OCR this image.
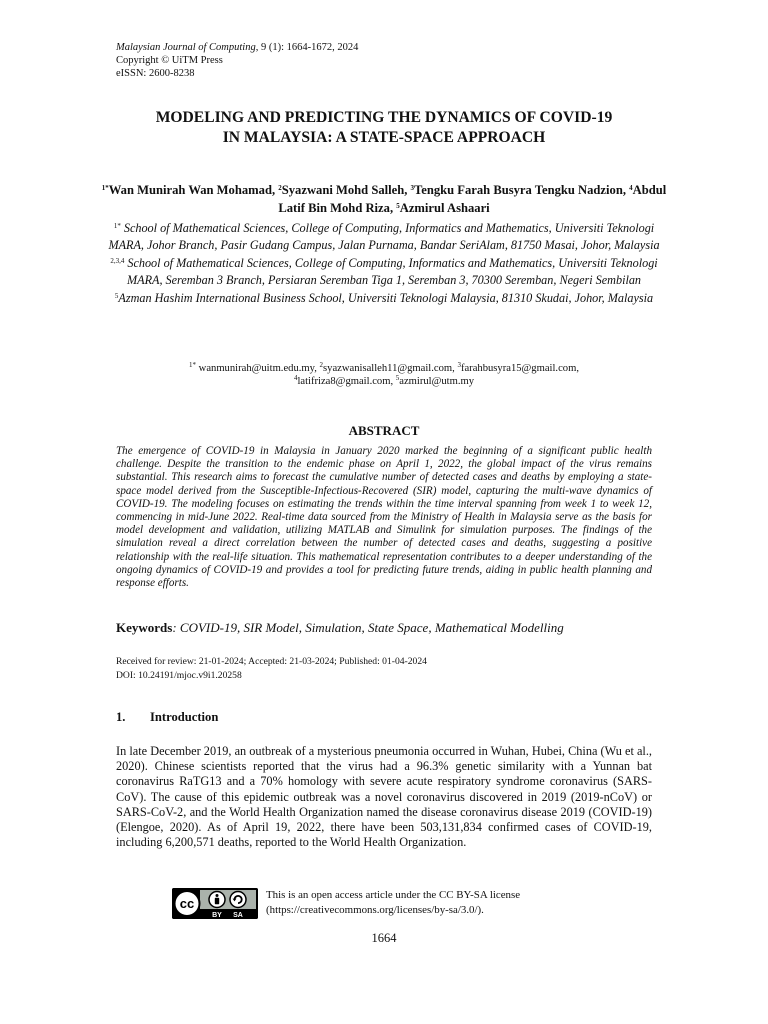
Malaysian Journal of Computing, 9 (1): 1664-1672, 2024
Copyright © UiTM Press
eISSN: 2600-8238
MODELING AND PREDICTING THE DYNAMICS OF COVID-19
IN MALAYSIA: A STATE-SPACE APPROACH
$^{1*}$Wan Munirah Wan Mohamad, $^2$Syazwani Mohd Salleh, $^3$Tengku Farah Busyra Tengku Nadzion, $^4$Abdul Latif Bin Mohd Riza, $^5$Azmirul Ashaari

$^{1*}$ School of Mathematical Sciences, College of Computing, Informatics and Mathematics, Universiti Teknologi MARA, Johor Branch, Pasir Gudang Campus, Jalan Purnama, Bandar SeriAlam, 81750 Masai, Johor, Malaysia

$^{2,3,4}$ School of Mathematical Sciences, College of Computing, Informatics and Mathematics, Universiti Teknologi MARA, Seremban 3 Branch, Persiaran Seremban Tiga 1, Seremban 3, 70300 Seremban, Negeri Sembilan

$^5$Azman Hashim International Business School, Universiti Teknologi Malaysia, 81310 Skudai, Johor, Malaysia

$^{1*}$ wanmunirah@uitm.edu.my, $^2$syazwanisalleh11@gmail.com, $^3$farahbusyra15@gmail.com,
$^4$latifriza8@gmail.com, $^5$azmirul@utm.my
ABSTRACT

The emergence of COVID-19 in Malaysia in January 2020 marked the beginning of a significant public health challenge. Despite the transition to the endemic phase on April 1, 2022, the global impact of the virus remains substantial. This research aims to forecast the cumulative number of detected cases and deaths by employing a state-space model derived from the Susceptible-Infectious-Recovered (SIR) model, capturing the multi-wave dynamics of COVID-19. The modeling focuses on estimating the trends within the time interval spanning from week 1 to week 12, commencing in mid-June 2022. Real-time data sourced from the Ministry of Health in Malaysia serve as the basis for model development and validation, utilizing MATLAB and Simulink for simulation purposes. The findings of the simulation reveal a direct correlation between the number of detected cases and deaths, suggesting a positive relationship with the real-life situation. This mathematical representation contributes to a deeper understanding of the ongoing dynamics of COVID-19 and provides a tool for predicting future trends, aiding in public health planning and response efforts.

Keywords: COVID-19, SIR Model, Simulation, State Space, Mathematical Modelling
Received for review: 21-01-2024; Accepted: 21-03-2024; Published: 01-04-2024
DOI: 10.24191/mjoc.v9i1.20258
1. Introduction

In late December 2019, an outbreak of a mysterious pneumonia occurred in Wuhan, Hubei, China (Wu et al., 2020). Chinese scientists reported that the virus had a 96.3% genetic similarity with a Yunnan bat coronavirus RaTG13 and a 70% homology with severe acute respiratory syndrome coronavirus (SARS-CoV). The cause of this epidemic outbreak was a novel coronavirus discovered in 2019 (2019-nCoV) or SARS-CoV-2, and the World Health Organization named the disease coronavirus disease 2019 (COVID-19) (Elengoe, 2020). As of April 19, 2022, there have been 503,131,834 confirmed cases of COVID-19, including 6,200,571 deaths, reported to the World Health Organization.

cc
BY SA
This is an open access article under the CC BY-SA license
(https://creativecommons.org/licenses/by-sa/3.0/).
1664
